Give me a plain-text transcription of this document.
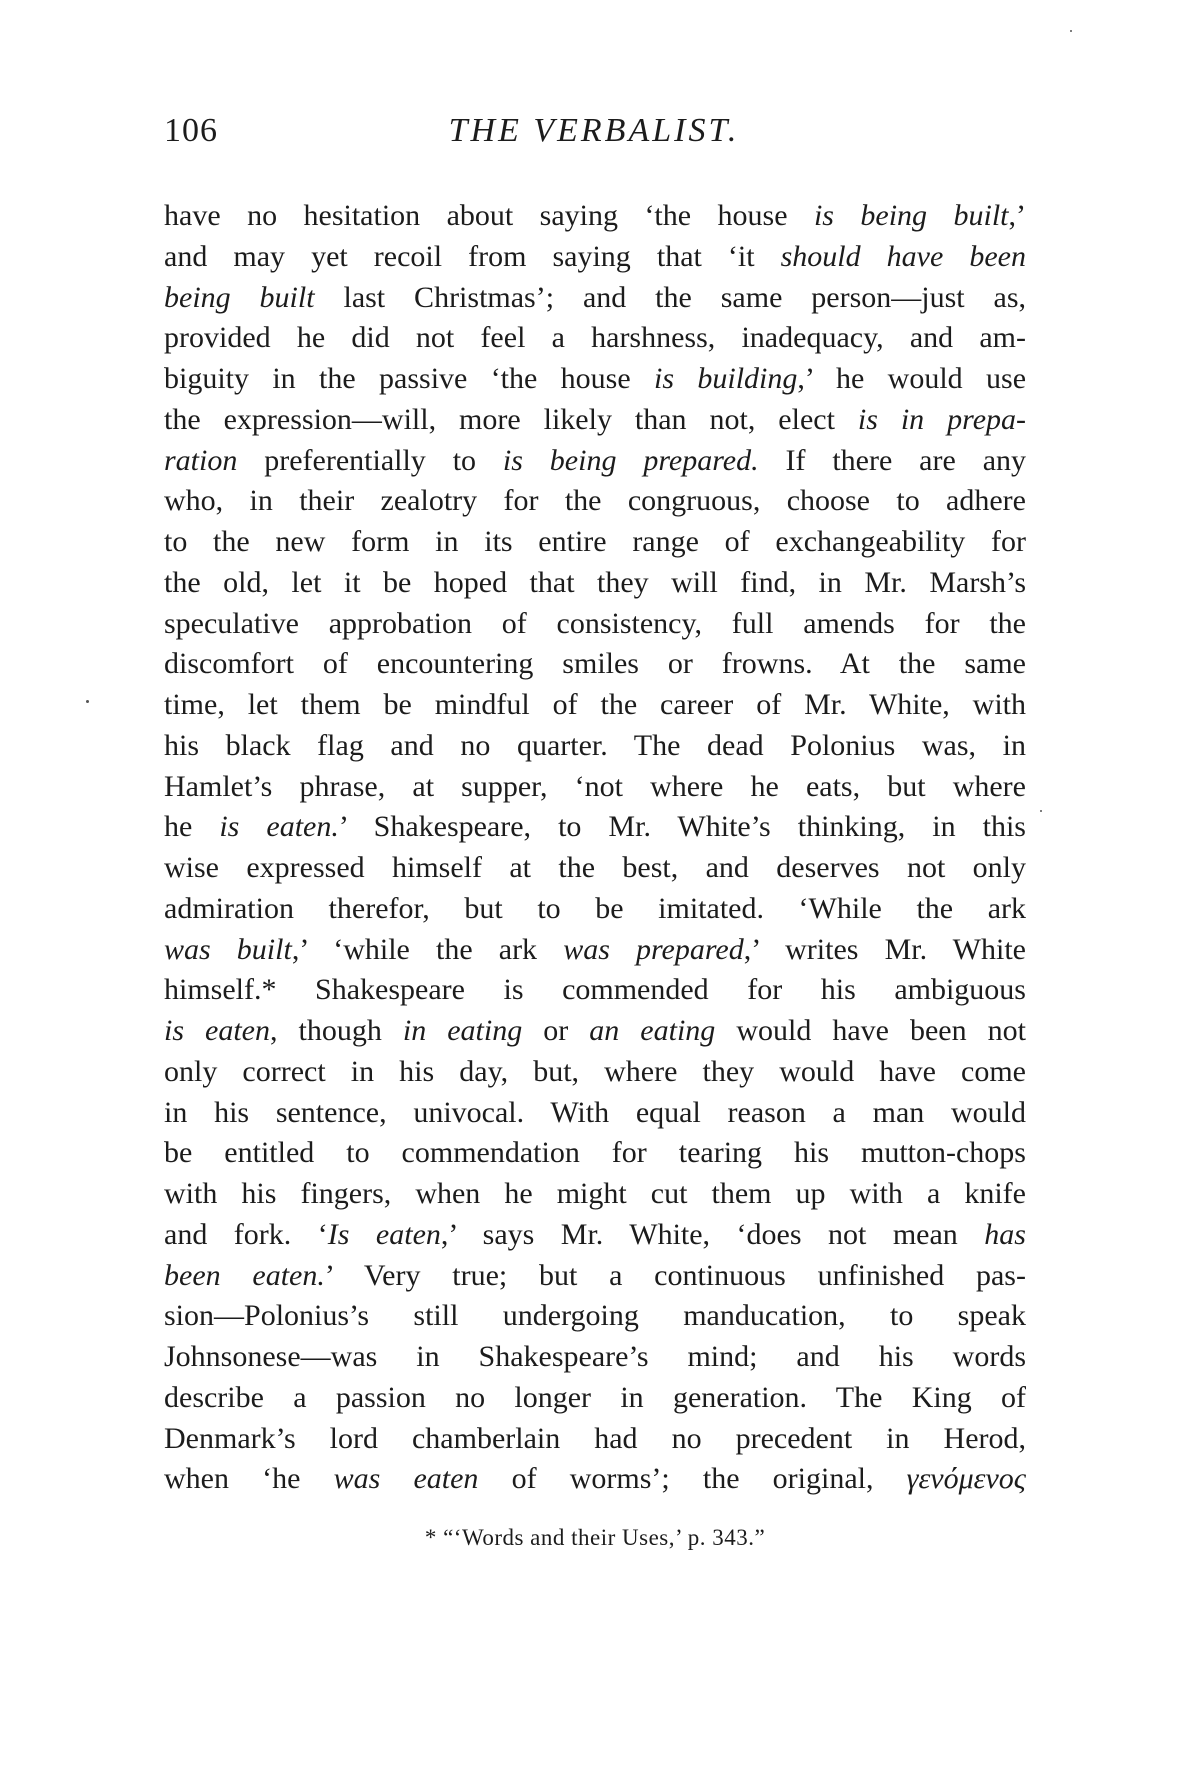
106	THE VERBALIST.
have no hesitation about saying ‘the house is being built,’
and may yet recoil from saying that ‘it should have been
being built last Christmas’; and the same person—just as,
provided he did not feel a harshness, inadequacy, and am-
biguity in the passive ‘the house is building,’ he would use
the expression—will, more likely than not, elect is in prepa-
ration preferentially to is being prepared. If there are any
who, in their zealotry for the congruous, choose to adhere
to the new form in its entire range of exchangeability for
the old, let it be hoped that they will find, in Mr. Marsh’s
speculative approbation of consistency, full amends for the
discomfort of encountering smiles or frowns. At the same
time, let them be mindful of the career of Mr. White, with
his black flag and no quarter. The dead Polonius was, in
Hamlet’s phrase, at supper, ‘not where he eats, but where
he is eaten.’ Shakespeare, to Mr. White’s thinking, in this
wise expressed himself at the best, and deserves not only
admiration therefor, but to be imitated. ‘While the ark
was built,’ ‘while the ark was prepared,’ writes Mr. White
himself.* Shakespeare is commended for his ambiguous
is eaten, though in eating or an eating would have been not
only correct in his day, but, where they would have come
in his sentence, univocal. With equal reason a man would
be entitled to commendation for tearing his mutton-chops
with his fingers, when he might cut them up with a knife
and fork. ‘Is eaten,’ says Mr. White, ‘does not mean has
been eaten.’ Very true; but a continuous unfinished pas-
sion—Polonius’s still undergoing manducation, to speak
Johnsonese—was in Shakespeare’s mind; and his words
describe a passion no longer in generation. The King of
Denmark’s lord chamberlain had no precedent in Herod,
when ‘he was eaten of worms’; the original, γενόμενος
* “‘Words and their Uses,’ p. 343.”
